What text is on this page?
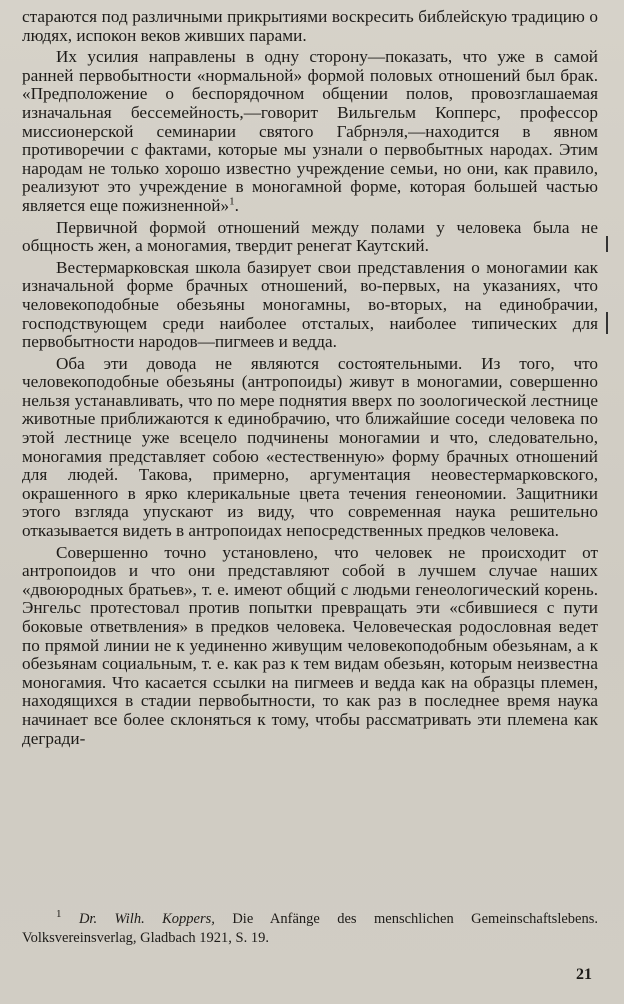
стараются под различными прикрытиями воскресить библейскую традицию о людях, испокон веков живших парами.

Их усилия направлены в одну сторону—показать, что уже в самой ранней первобытности «нормальной» формой половых отношений был брак. «Предположение о беспорядочном общении полов, провозглашаемая изначальная бессемейность,—говорит Вильгельм Копперс, профессор миссионерской семинарии святого Габрнэля,—находится в явном противоречии с фактами, которые мы узнали о первобытных народах. Этим народам не только хорошо известно учреждение семьи, но они, как правило, реализуют это учреждение в моногамной форме, которая большей частью является еще пожизненной»$^1$.

Первичной формой отношений между полами у человека была не общность жен, а моногамия, твердит ренегат Каутский.

Вестермарковская школа базирует свои представления о моногамии как изначальной форме брачных отношений, во-первых, на указаниях, что человекоподобные обезьяны моногамны, во-вторых, на единобрачии, господствующем среди наиболее отсталых, наиболее типических для первобытности народов—пигмеев и ведда.

Оба эти довода не являются состоятельными. Из того, что человекоподобные обезьяны (антропоиды) живут в моногамии, совершенно нельзя устанавливать, что по мере поднятия вверх по зоологической лестнице животные приближаются к единобрачию, что ближайшие соседи человека по этой лестнице уже всецело подчинены моногамии и что, следовательно, моногамия представляет собою «естественную» форму брачных отношений для людей. Такова, примерно, аргументация неовестермарковского, окрашенного в ярко клерикальные цвета течения генеономии. Защитники этого взгляда упускают из виду, что современная наука решительно отказывается видеть в антропоидах непосредственных предков человека.

Совершенно точно установлено, что человек не происходит от антропоидов и что они представляют собой в лучшем случае наших «двоюродных братьев», т. е. имеют общий с людьми генеологический корень. Энгельс протестовал против попытки превращать эти «сбившиеся с пути боковые ответвления» в предков человека. Человеческая родословная ведет по прямой линии не к уединенно живущим человекоподобным обезьянам, а к обезьянам социальным, т. е. как раз к тем видам обезьян, которым неизвестна моногамия. Что касается ссылки на пигмеев и ведда как на образцы племен, находящихся в стадии первобытности, то как раз в последнее время наука начинает все более склоняться к тому, чтобы рассматривать эти племена как дегради-

$^1$ Dr. Wilh. Koppers, Die Anfänge des menschlichen Gemeinschaftslebens. Volksvereinsverlag, Gladbach 1921, S. 19.
21
